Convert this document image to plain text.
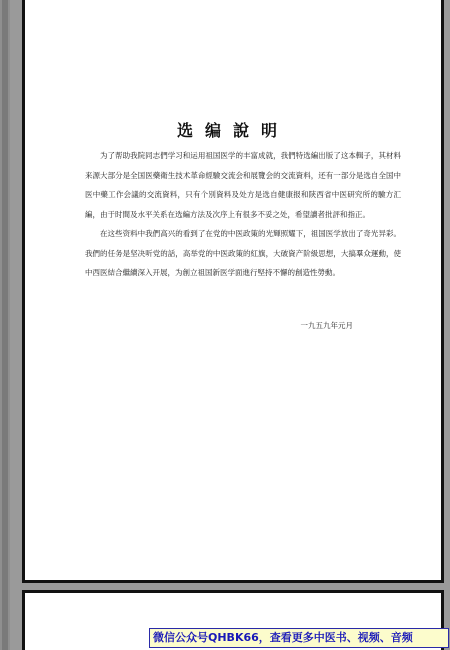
选编說明

为了帮助我院同志們学习和运用祖国医学的丰富成就，我們特选編出版了这本輯子，其材料来源大部分是全国医藥衛生技术革命經驗交流会和展覽会的交流資料，还有一部分是选自全国中医中藥工作会議的交流資料，只有个別資料及处方是选自健康报和陝西省中医研究所的驗方汇編，由于时間及水平关系在选編方法及次序上有很多不妥之处，希望讀者批評和指正。

在这些资料中我們高兴的看到了在党的中医政策的光輝照耀下，祖国医学放出了奇光异彩。我們的任务是坚决听党的話，高举党的中医政策的紅旗，大破資产阶級思想，大搞羣众運動，使中西医結合繼續深入开展，为創立祖国新医学面進行堅持不懈的創造性勞動。

一九五九年元月
微信公众号QHBK66，查看更多中医书、视频、音频
